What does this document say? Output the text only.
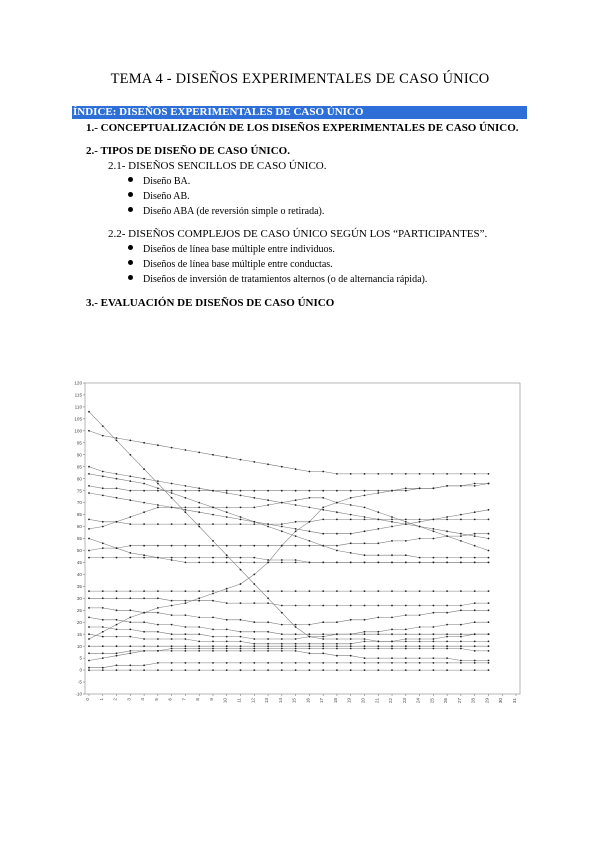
TEMA 4 - DISEÑOS EXPERIMENTALES DE CASO ÚNICO
ÍNDICE: DISEÑOS EXPERIMENTALES DE CASO ÚNICO
1.- CONCEPTUALIZACIÓN DE LOS DISEÑOS EXPERIMENTALES DE CASO ÚNICO.
2.- TIPOS DE DISEÑO DE CASO ÚNICO.
2.1- DISEÑOS SENCILLOS DE CASO ÚNICO.
Diseño BA.
Diseño AB.
Diseño ABA (de reversión simple o retirada).
2.2- DISEÑOS COMPLEJOS DE CASO ÚNICO SEGÚN LOS “PARTICIPANTES”.
Diseños de línea base múltiple entre individuos.
Diseños de línea base múltiple entre conductas.
Diseños de inversión de tratamientos alternos (o de alternancia rápida).
3.- EVALUACIÓN DE DISEÑOS DE CASO ÚNICO
-10
-5
0
5
10
15
20
25
30
35
40
45
50
55
60
65
70
75
80
85
90
95
100
105
110
115
120
0 1 2 3 4 5 6 7 8 9 10 11 12 13 14 15 16 17 18 19 20 21 22 23 24 25 26 27 28 29 30 31
